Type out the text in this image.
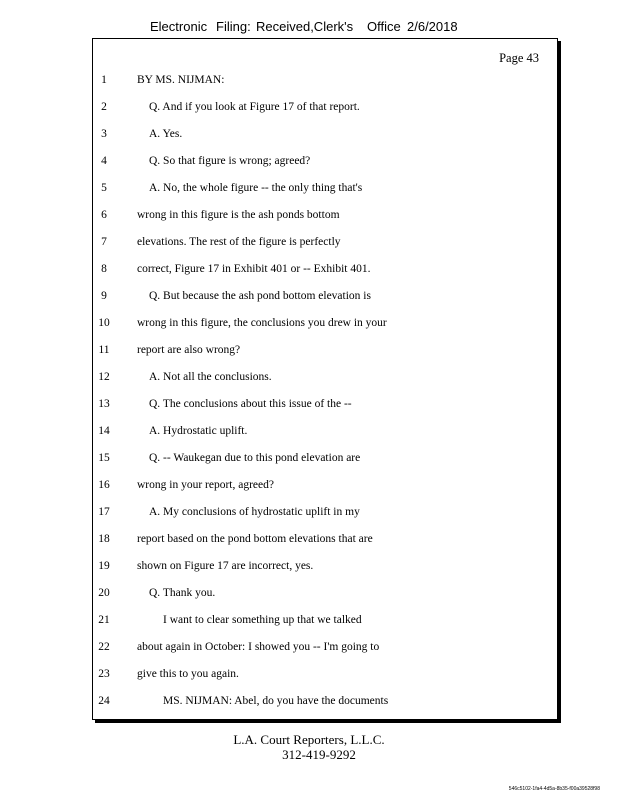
Electronic Filing: Received,Clerk's Office 2/6/2018
Page 43
1	BY MS. NIJMAN:
2	Q. And if you look at Figure 17 of that report.
3	A. Yes.
4	Q. So that figure is wrong; agreed?
5	A. No, the whole figure -- the only thing that's
6	wrong in this figure is the ash ponds bottom
7	elevations. The rest of the figure is perfectly
8	correct, Figure 17 in Exhibit 401 or -- Exhibit 401.
9	Q. But because the ash pond bottom elevation is
10	wrong in this figure, the conclusions you drew in your
11	report are also wrong?
12	A. Not all the conclusions.
13	Q. The conclusions about this issue of the --
14	A. Hydrostatic uplift.
15	Q. -- Waukegan due to this pond elevation are
16	wrong in your report, agreed?
17	A. My conclusions of hydrostatic uplift in my
18	report based on the pond bottom elevations that are
19	shown on Figure 17 are incorrect, yes.
20	Q. Thank you.
21	I want to clear something up that we talked
22	about again in October: I showed you -- I'm going to
23	give this to you again.
24	MS. NIJMAN: Abel, do you have the documents
L.A. Court Reporters, L.L.C.
312-419-9292
546c5102-1fa4-4d5a-8b35-f00a39528f98
